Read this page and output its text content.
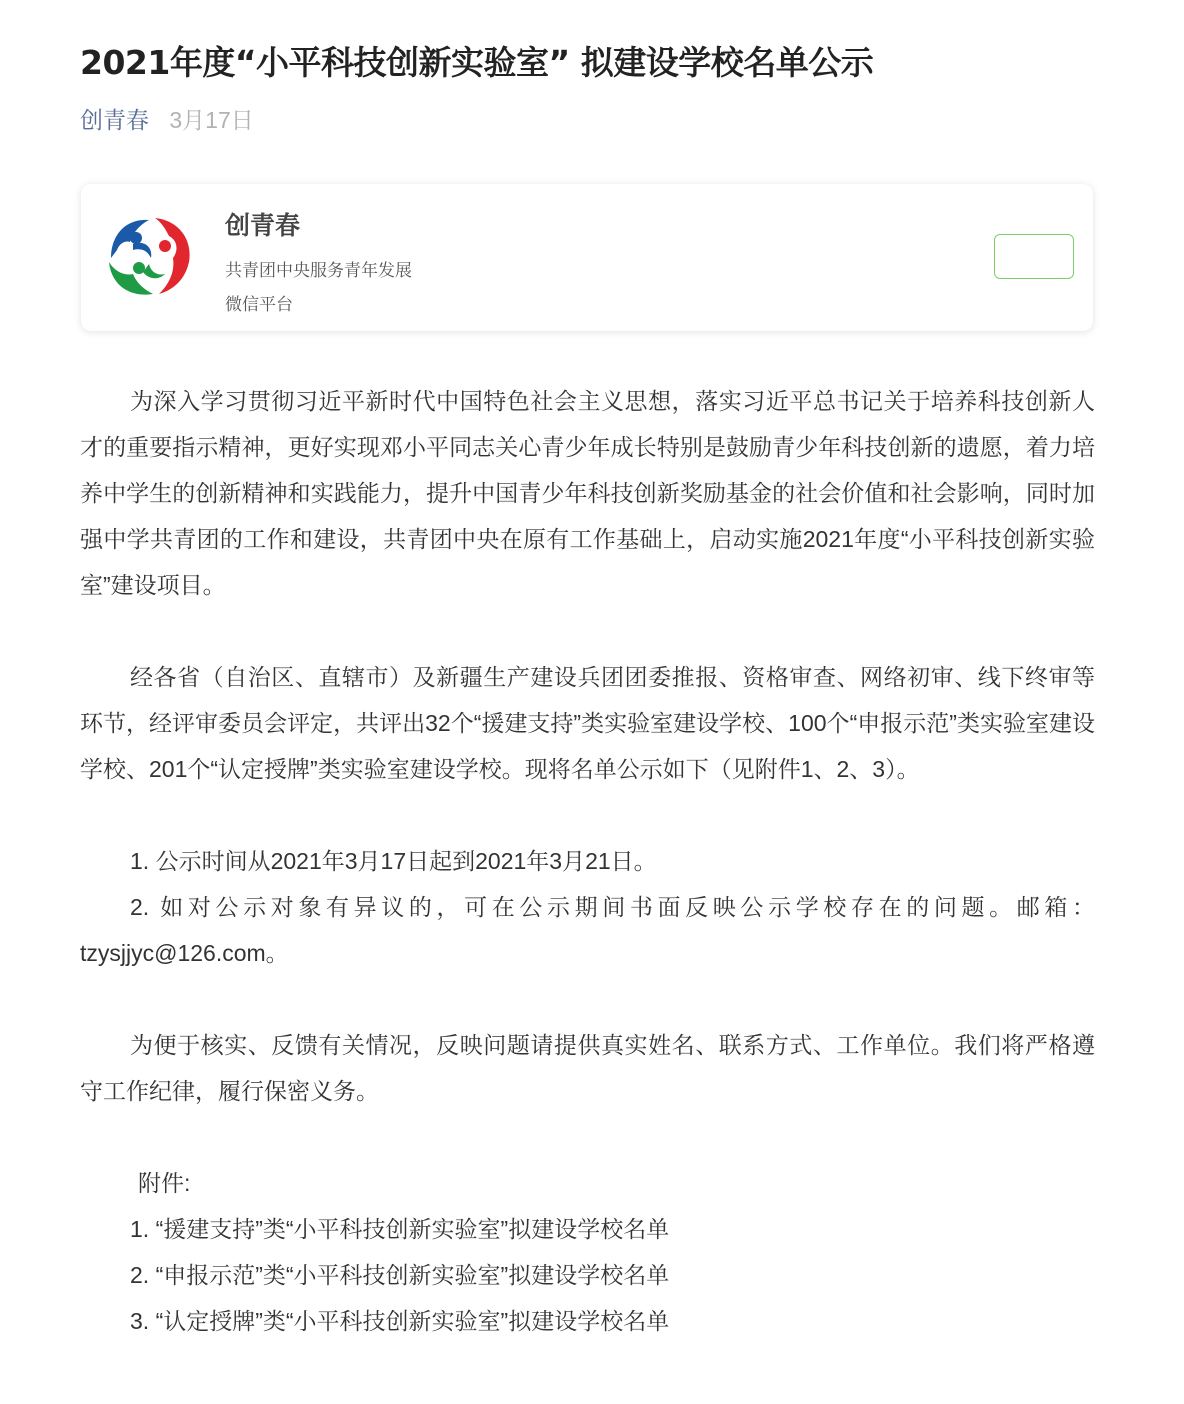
2021年度“小平科技创新实验室” 拟建设学校名单公示
创青春 3月17日
创青春
共青团中央服务青年发展
微信平台

为深入学习贯彻习近平新时代中国特色社会主义思想，落实习近平总书记关于培养科技创新人才的重要指示精神，更好实现邓小平同志关心青少年成长特别是鼓励青少年科技创新的遗愿，着力培养中学生的创新精神和实践能力，提升中国青少年科技创新奖励基金的社会价值和社会影响，同时加强中学共青团的工作和建设，共青团中央在原有工作基础上，启动实施2021年度“小平科技创新实验室”建设项目。

经各省（自治区、直辖市）及新疆生产建设兵团团委推报、资格审查、网络初审、线下终审等环节，经评审委员会评定，共评出32个“援建支持”类实验室建设学校、100个“申报示范”类实验室建设学校、201个“认定授牌”类实验室建设学校。现将名单公示如下（见附件1、2、3）。

1. 公示时间从2021年3月17日起到2021年3月21日。

2. 如对公示对象有异议的，可在公示期间书面反映公示学校存在的问题。邮箱：tzysjjyc@126.com。

为便于核实、反馈有关情况，反映问题请提供真实姓名、联系方式、工作单位。我们将严格遵守工作纪律，履行保密义务。

附件:

1. “援建支持”类“小平科技创新实验室”拟建设学校名单

2. “申报示范”类“小平科技创新实验室”拟建设学校名单

3. “认定授牌”类“小平科技创新实验室”拟建设学校名单
